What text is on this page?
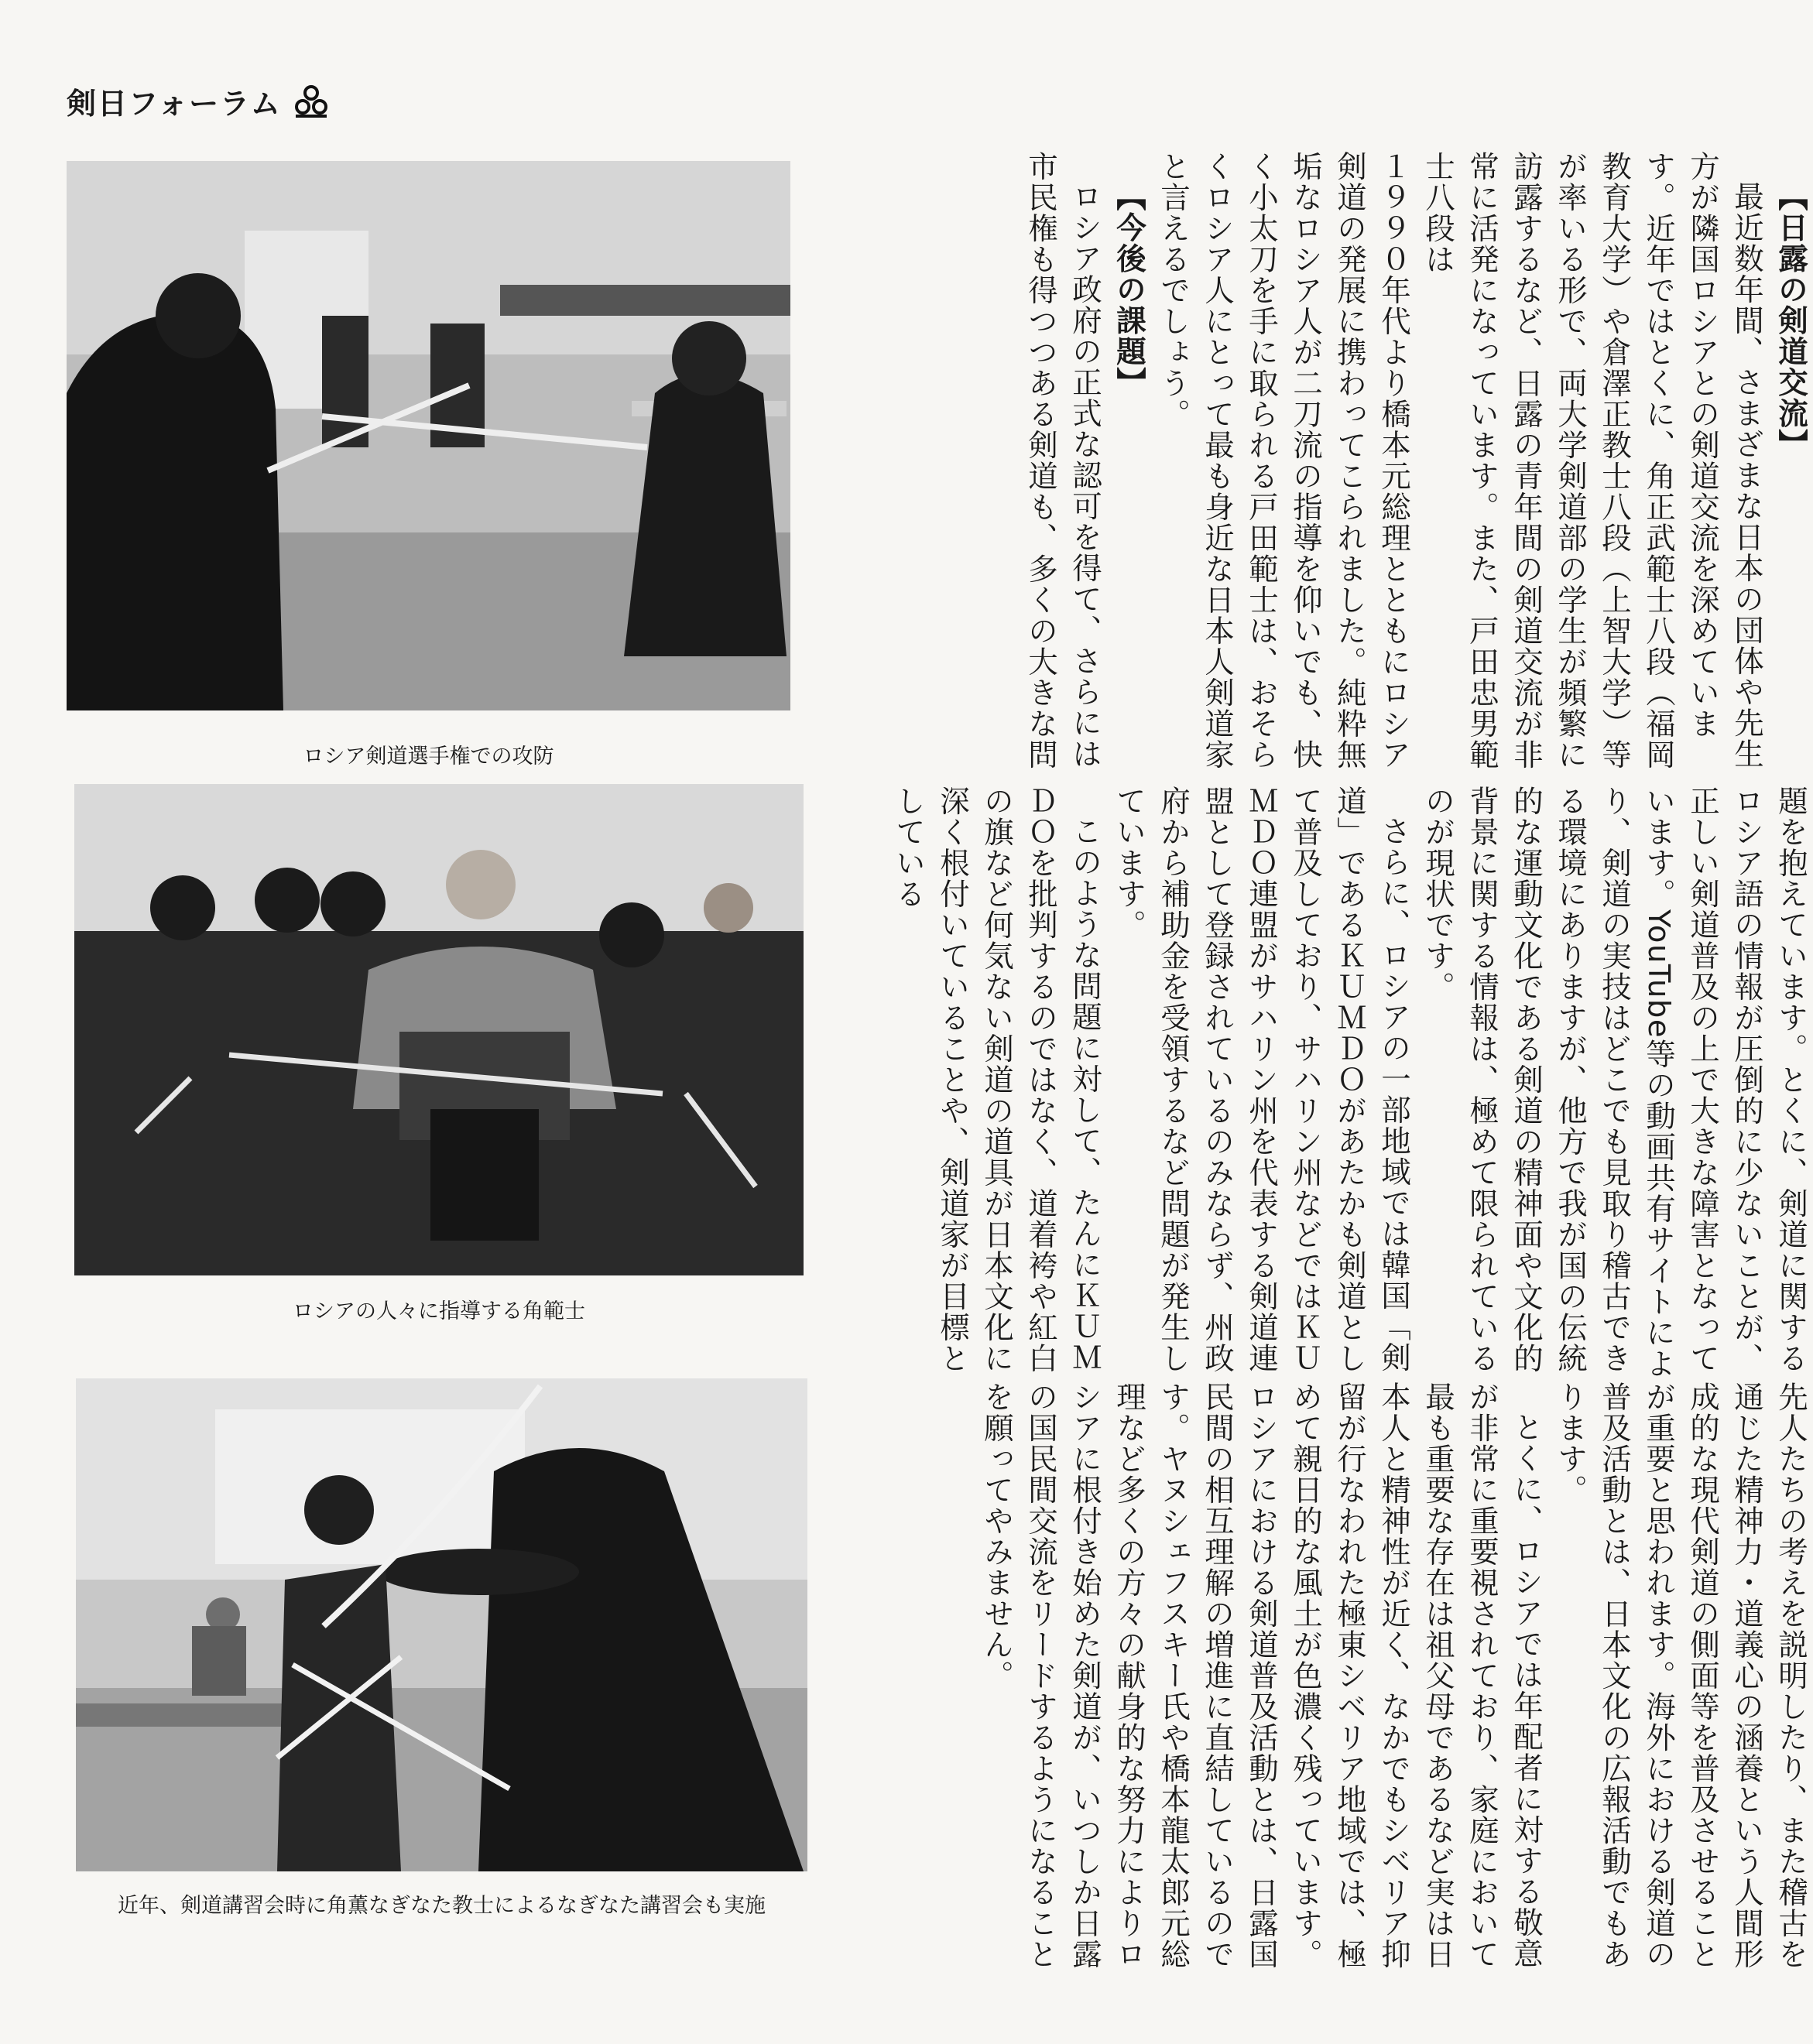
剣日フォーラム
ロシア剣道選手権での攻防
ロシアの人々に指導する角範士
近年、剣道講習会時に角薫なぎなた教士によるなぎなた講習会も実施

【日露の剣道交流】

最近数年間、さまざまな日本の団体や先生方が隣国ロシアとの剣道交流を深めています。近年ではとくに、角正武範士八段（福岡教育大学）や倉澤正教士八段（上智大学）等が率いる形で、両大学剣道部の学生が頻繁に訪露するなど、日露の青年間の剣道交流が非常に活発になっています。また、戸田忠男範士八段は

１９９０年代より橋本元総理とともにロシア剣道の発展に携わってこられました。純粋無垢なロシア人が二刀流の指導を仰いでも、快く小太刀を手に取られる戸田範士は、おそらくロシア人にとって最も身近な日本人剣道家と言えるでしょう。

【今後の課題】

ロシア政府の正式な認可を得て、さらには市民権も得つつある剣道も、多くの大きな問

題を抱えています。とくに、剣道に関するロシア語の情報が圧倒的に少ないことが、正しい剣道普及の上で大きな障害となっています。YouTube等の動画共有サイトにより、剣道の実技はどこでも見取り稽古できる環境にありますが、他方で我が国の伝統的な運動文化である剣道の精神面や文化的背景に関する情報は、極めて限られているのが現状です。

さらに、ロシアの一部地域では韓国「剣道」であるＫＵＭＤＯがあたかも剣道として普及しており、サハリン州などではＫＵＭＤＯ連盟がサハリン州を代表する剣道連盟として登録されているのみならず、州政府から補助金を受領するなど問題が発生しています。

このような問題に対して、たんにＫＵＭＤＯを批判するのではなく、道着袴や紅白の旗など何気ない剣道の道具が日本文化に深く根付いていることや、剣道家が目標としている

先人たちの考えを説明したり、また稽古を通じた精神力・道義心の涵養という人間形成的な現代剣道の側面等を普及させることが重要と思われます。海外における剣道の普及活動とは、日本文化の広報活動でもあります。

とくに、ロシアでは年配者に対する敬意が非常に重要視されており、家庭において最も重要な存在は祖父母であるなど実は日本人と精神性が近く、なかでもシベリア抑留が行なわれた極東シベリア地域では、極めて親日的な風土が色濃く残っています。ロシアにおける剣道普及活動とは、日露国民間の相互理解の増進に直結しているのです。ヤヌシェフスキー氏や橋本龍太郎元総理など多くの方々の献身的な努力によりロシアに根付き始めた剣道が、いつしか日露の国民間交流をリードするようになることを願ってやみません。
